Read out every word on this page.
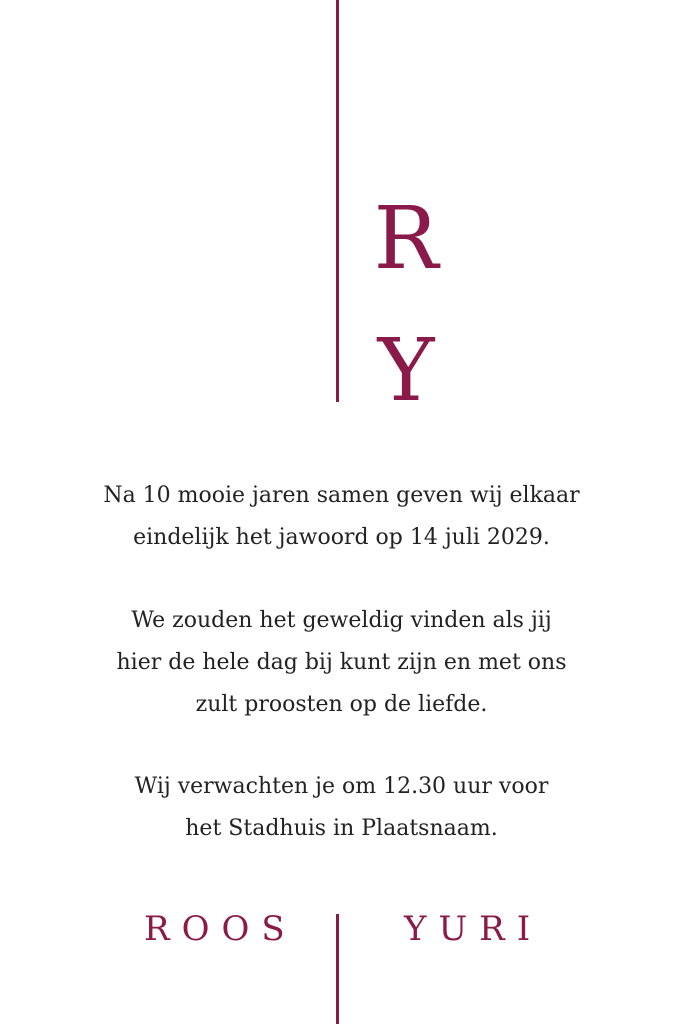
R
Y
Na 10 mooie jaren samen geven wij elkaar
eindelijk het jawoord op 14 juli 2029.
We zouden het geweldig vinden als jij
hier de hele dag bij kunt zijn en met ons
zult proosten op de liefde.
Wij verwachten je om 12.30 uur voor
het Stadhuis in Plaatsnaam.
ROOS	YURI
